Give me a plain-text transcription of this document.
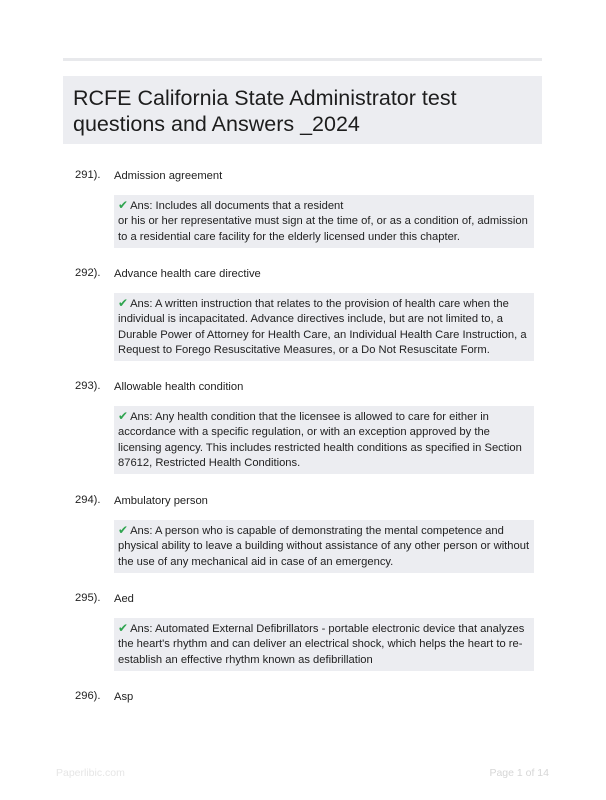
RCFE California State Administrator test
questions and Answers _2024
291). Admission agreement
✔ Ans: Includes all documents that a resident
or his or her representative must sign at the time of, or as a condition of, admission to a residential care facility for the elderly licensed under this chapter.
292). Advance health care directive
✔ Ans: A written instruction that relates to the provision of health care when the individual is incapacitated. Advance directives include, but are not limited to, a Durable Power of Attorney for Health Care, an Individual Health Care Instruction, a Request to Forego Resuscitative Measures, or a Do Not Resuscitate Form.
293). Allowable health condition
✔ Ans: Any health condition that the licensee is allowed to care for either in accordance with a specific regulation, or with an exception approved by the licensing agency. This includes restricted health conditions as specified in Section 87612, Restricted Health Conditions.
294). Ambulatory person
✔ Ans: A person who is capable of demonstrating the mental competence and physical ability to leave a building without assistance of any other person or without the use of any mechanical aid in case of an emergency.
295). Aed
✔ Ans: Automated External Defibrillators - portable electronic device that analyzes the heart's rhythm and can deliver an electrical shock, which helps the heart to re-establish an effective rhythm known as defibrillation
296). Asp
Paperlibic.com	Page 1 of 14
